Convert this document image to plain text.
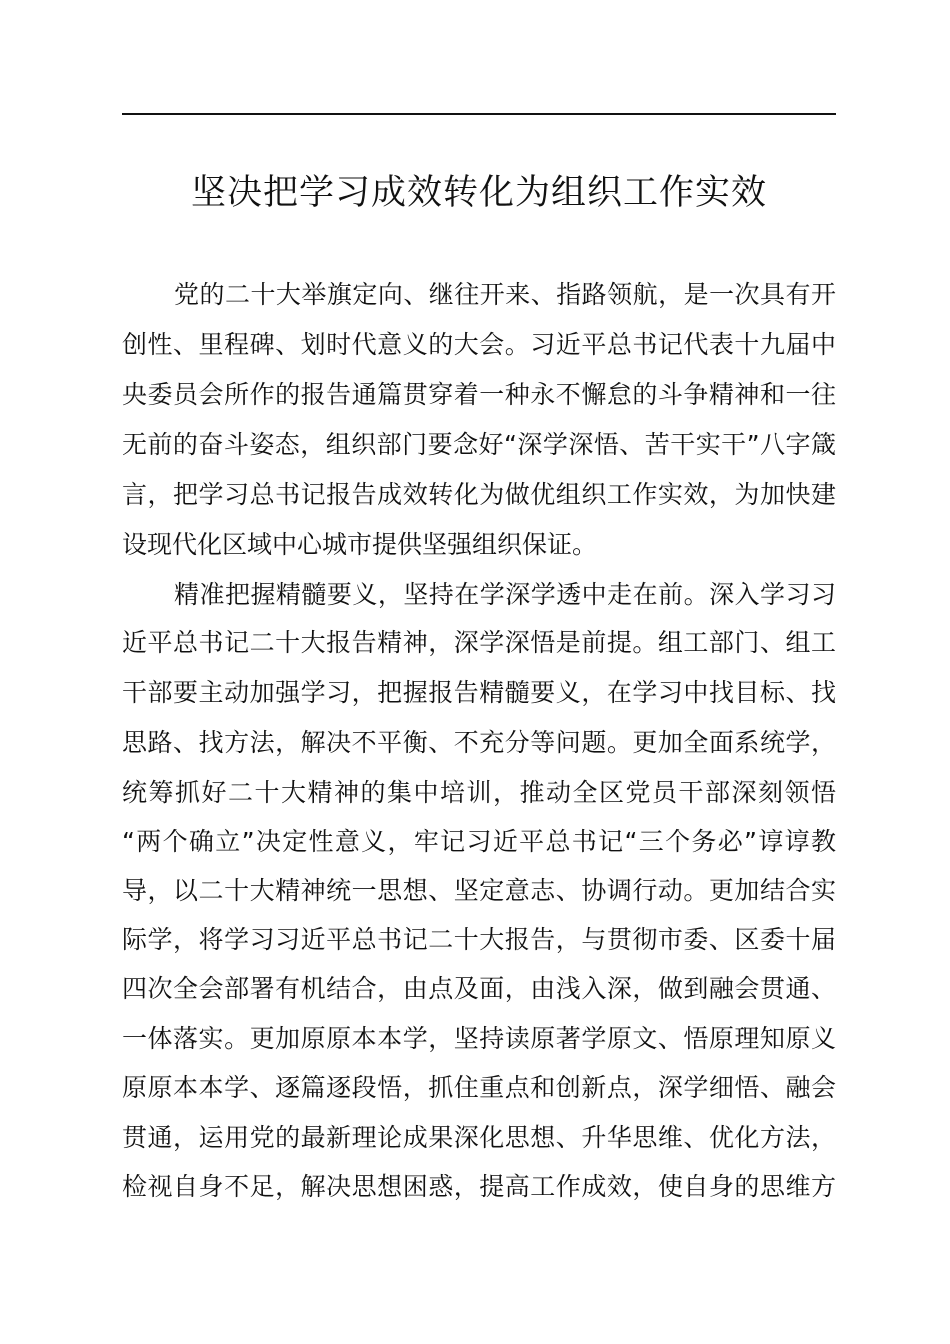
坚决把学习成效转化为组织工作实效
党的二十大举旗定向、继往开来、指路领航，是一次具有开
创性、里程碑、划时代意义的大会。习近平总书记代表十九届中
央委员会所作的报告通篇贯穿着一种永不懈怠的斗争精神和一往
无前的奋斗姿态，组织部门要念好“深学深悟、苦干实干”八字箴
言，把学习总书记报告成效转化为做优组织工作实效，为加快建
设现代化区域中心城市提供坚强组织保证。
精准把握精髓要义，坚持在学深学透中走在前。深入学习习
近平总书记二十大报告精神，深学深悟是前提。组工部门、组工
干部要主动加强学习，把握报告精髓要义，在学习中找目标、找
思路、找方法，解决不平衡、不充分等问题。更加全面系统学，
统筹抓好二十大精神的集中培训，推动全区党员干部深刻领悟
“两个确立”决定性意义，牢记习近平总书记“三个务必”谆谆教
导，以二十大精神统一思想、坚定意志、协调行动。更加结合实
际学，将学习习近平总书记二十大报告，与贯彻市委、区委十届
四次全会部署有机结合，由点及面，由浅入深，做到融会贯通、
一体落实。更加原原本本学，坚持读原著学原文、悟原理知原义
原原本本学、逐篇逐段悟，抓住重点和创新点，深学细悟、融会
贯通，运用党的最新理论成果深化思想、升华思维、优化方法，
检视自身不足，解决思想困惑，提高工作成效，使自身的思维方
